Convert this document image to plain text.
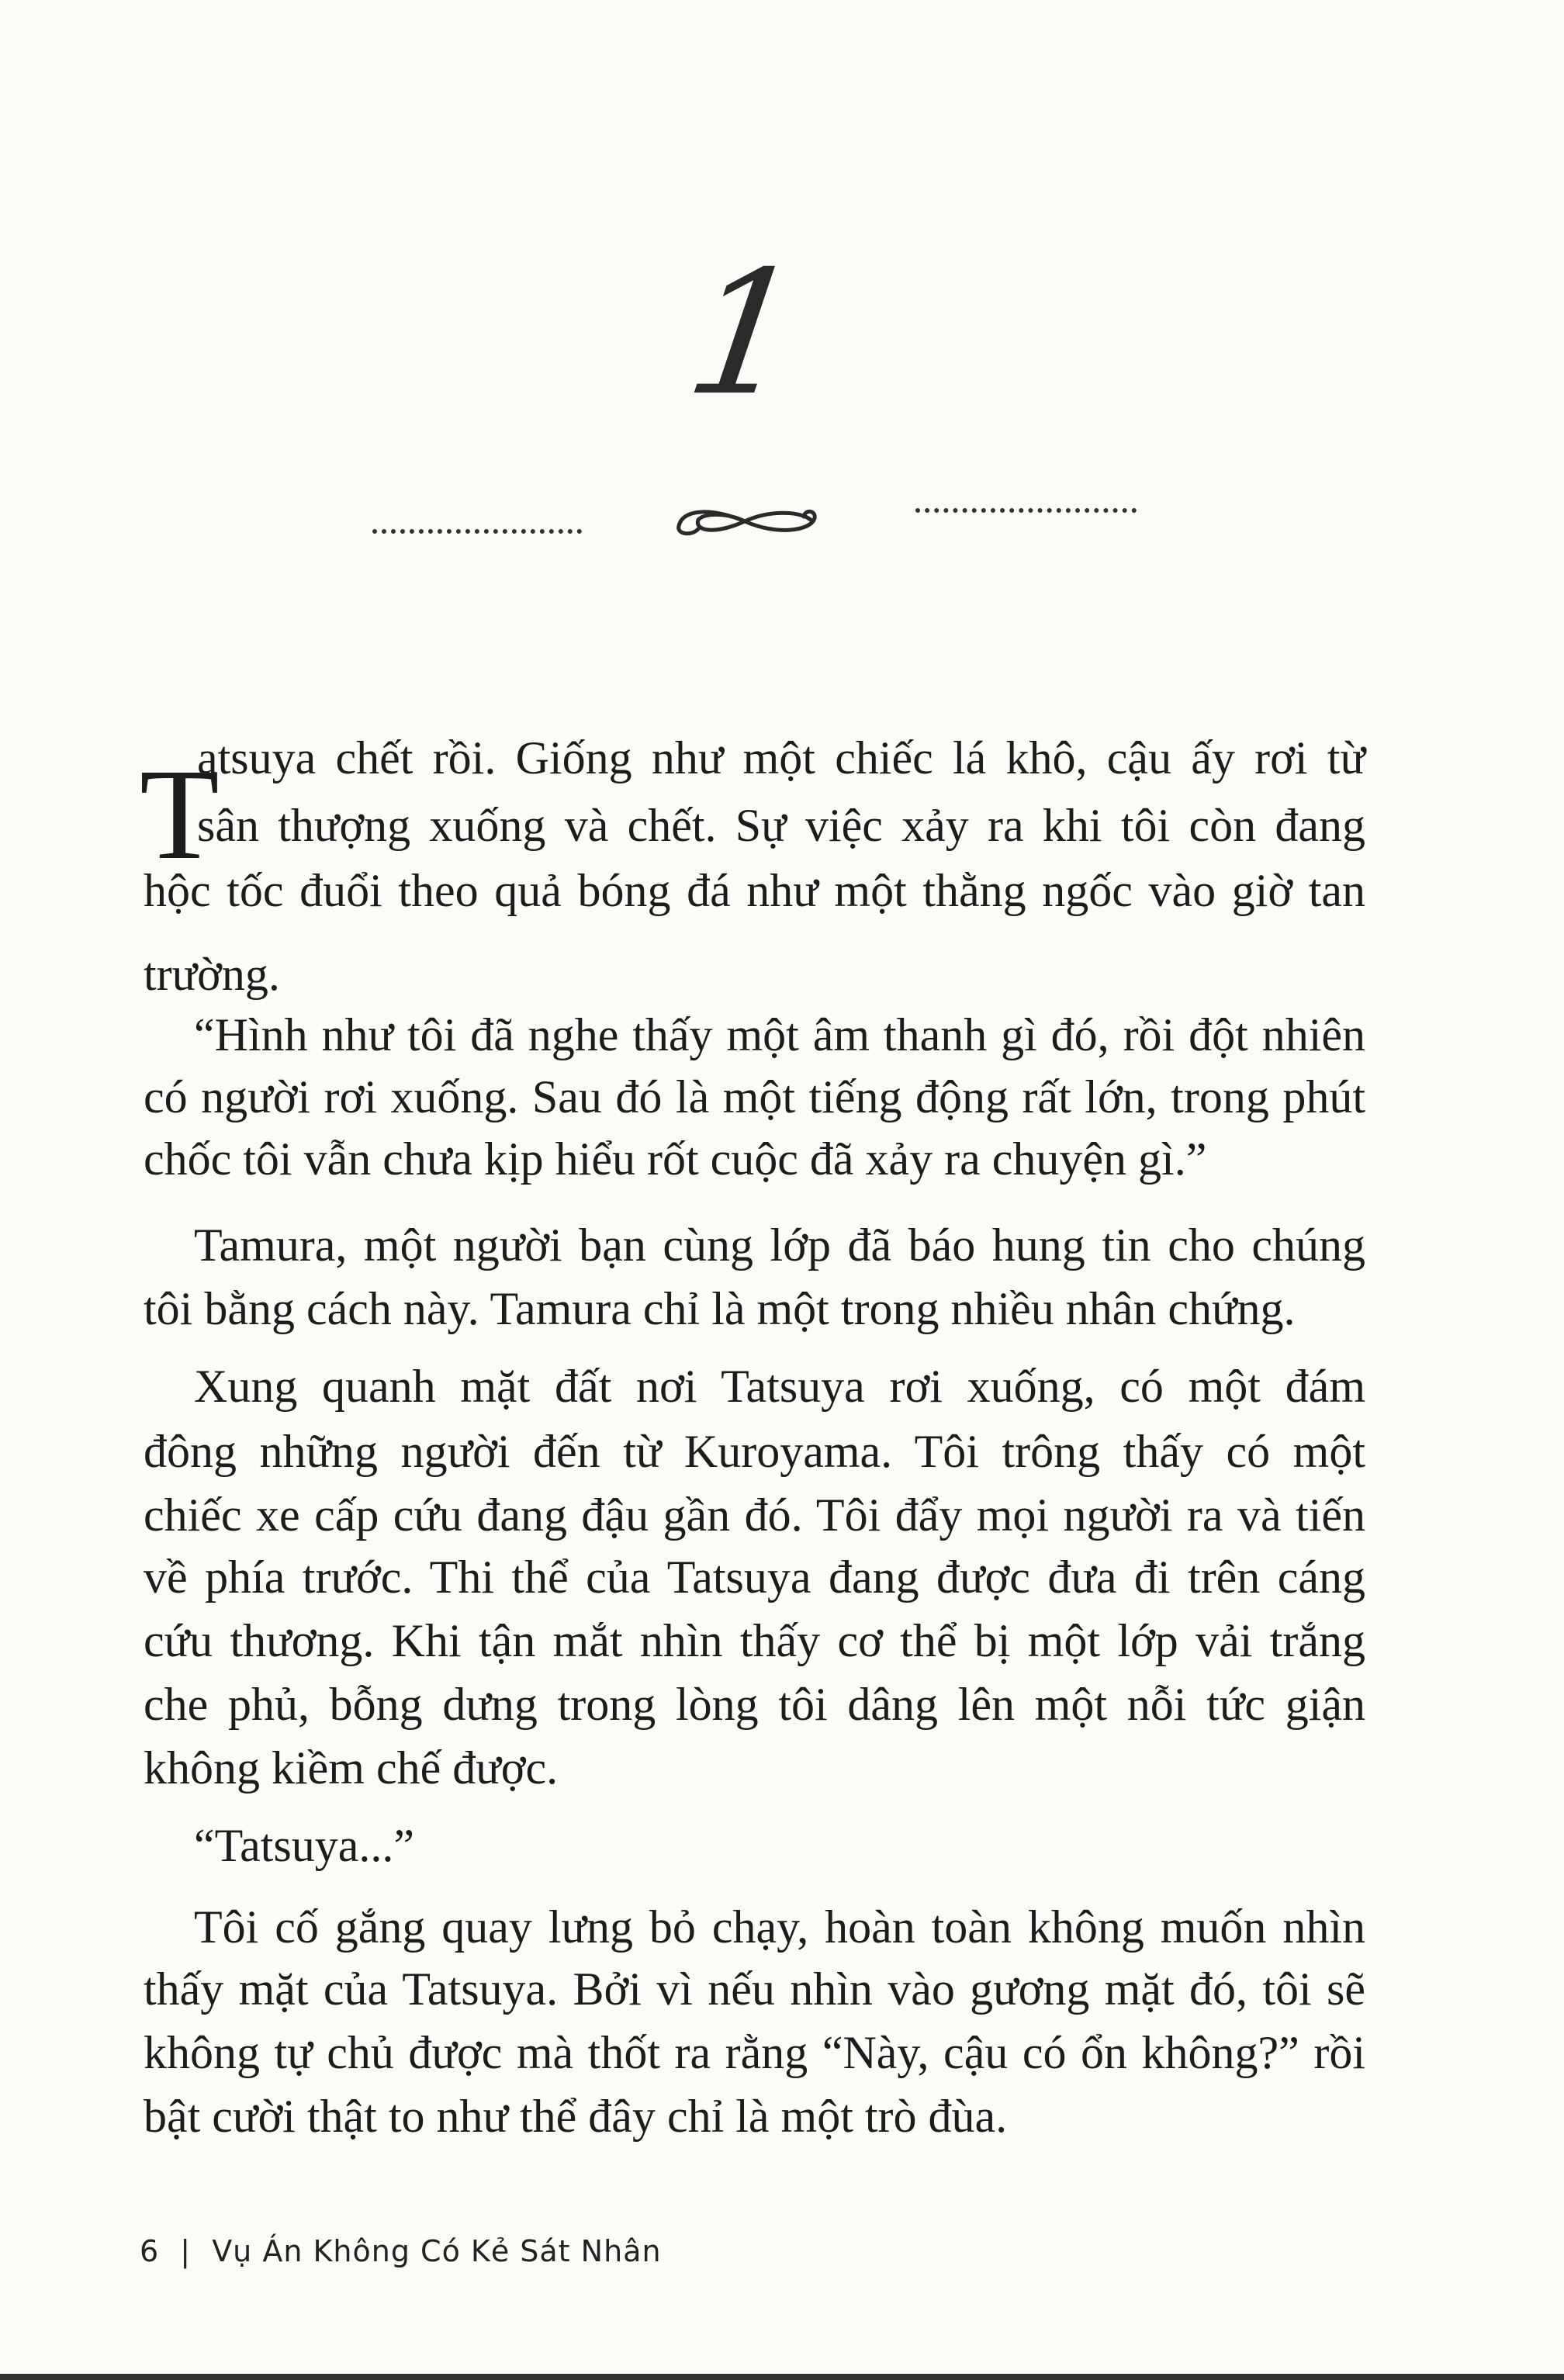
1
T
atsuya chết rồi. Giống như một chiếc lá khô, cậu ấy rơi từ
sân thượng xuống và chết. Sự việc xảy ra khi tôi còn đang
hộc tốc đuổi theo quả bóng đá như một thằng ngốc vào giờ tan
trường.
“Hình như tôi đã nghe thấy một âm thanh gì đó, rồi đột nhiên
có người rơi xuống. Sau đó là một tiếng động rất lớn, trong phút
chốc tôi vẫn chưa kịp hiểu rốt cuộc đã xảy ra chuyện gì.”
Tamura, một người bạn cùng lớp đã báo hung tin cho chúng
tôi bằng cách này. Tamura chỉ là một trong nhiều nhân chứng.
Xung quanh mặt đất nơi Tatsuya rơi xuống, có một đám
đông những người đến từ Kuroyama. Tôi trông thấy có một
chiếc xe cấp cứu đang đậu gần đó. Tôi đẩy mọi người ra và tiến
về phía trước. Thi thể của Tatsuya đang được đưa đi trên cáng
cứu thương. Khi tận mắt nhìn thấy cơ thể bị một lớp vải trắng
che phủ, bỗng dưng trong lòng tôi dâng lên một nỗi tức giận
không kiềm chế được.
“Tatsuya...”
Tôi cố gắng quay lưng bỏ chạy, hoàn toàn không muốn nhìn
thấy mặt của Tatsuya. Bởi vì nếu nhìn vào gương mặt đó, tôi sẽ
không tự chủ được mà thốt ra rằng “Này, cậu có ổn không?” rồi
bật cười thật to như thể đây chỉ là một trò đùa.
6 | Vụ Án Không Có Kẻ Sát Nhân
